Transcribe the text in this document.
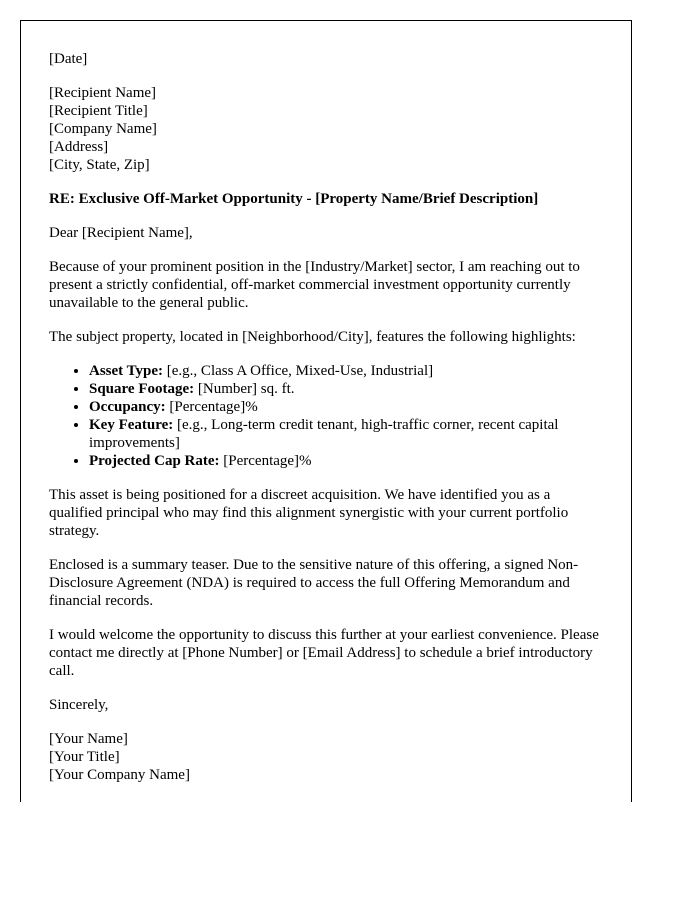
[Date]
[Recipient Name]
[Recipient Title]
[Company Name]
[Address]
[City, State, Zip]

RE: Exclusive Off-Market Opportunity - [Property Name/Brief Description]

Dear [Recipient Name],

Because of your prominent position in the [Industry/Market] sector, I am reaching out to present a strictly confidential, off-market commercial investment opportunity currently unavailable to the general public.

The subject property, located in [Neighborhood/City], features the following highlights:

• Asset Type: [e.g., Class A Office, Mixed-Use, Industrial]
• Square Footage: [Number] sq. ft.
• Occupancy: [Percentage]%
• Key Feature: [e.g., Long-term credit tenant, high-traffic corner, recent capital improvements]
• Projected Cap Rate: [Percentage]%

This asset is being positioned for a discreet acquisition. We have identified you as a qualified principal who may find this alignment synergistic with your current portfolio strategy.

Enclosed is a summary teaser. Due to the sensitive nature of this offering, a signed Non-Disclosure Agreement (NDA) is required to access the full Offering Memorandum and financial records.

I would welcome the opportunity to discuss this further at your earliest convenience. Please contact me directly at [Phone Number] or [Email Address] to schedule a brief introductory call.

Sincerely,

[Your Name]
[Your Title]
[Your Company Name]
